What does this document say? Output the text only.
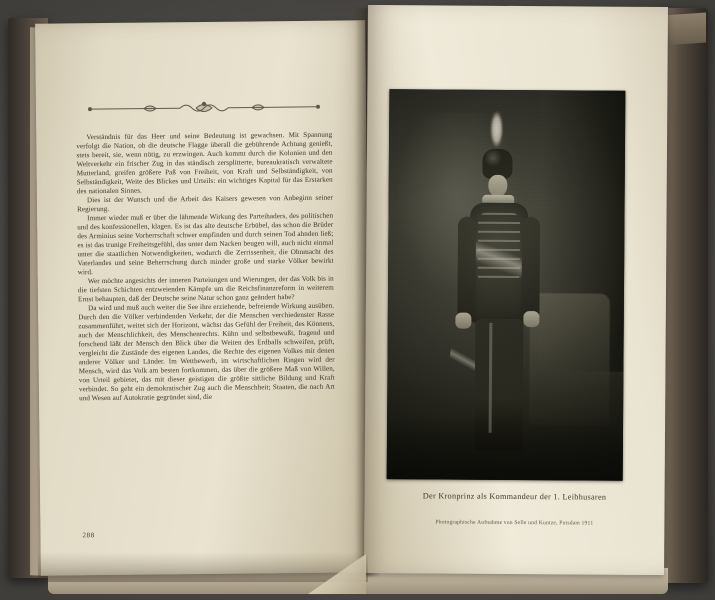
Verständnis für das Heer und seine Bedeutung ist gewachsen. Mit Spannung verfolgt die Nation, ob die deutsche Flagge überall die gebührende Achtung genießt, stets bereit, sie, wenn nötig, zu erzwingen. Auch kommt durch die Kolonien und den Weltverkehr ein frischer Zug in das ständisch zersplitterte, bureaukratisch verwaltete Mutterland, greifen größere Paß von Freiheit, von Kraft und Selbständigkeit, von Selbständigkeit, Weite des Blickes und Urteils: ein wichtiges Kapital für das Erstarken des nationalen Sinnes.

Dies ist der Wunsch und die Arbeit des Kaisers gewesen von Anbeginn seiner Regierung.

Immer wieder muß er über die lähmende Wirkung des Parteihaders, des politischen und des konfessionellen, klagen. Es ist das alte deutsche Erbübel, das schon die Brüder des Arminius seine Vorherrschaft schwer empfinden und durch seinen Tod ahnden ließ; es ist das trunige Freiheitsgefühl, das unter dem Nacken beugen will, auch nicht einmal unter die staatlichen Notwendigkeiten, wodurch die Zerrissenheit, die Ohnmacht des Vaterlandes und seine Beherrschung durch minder große und starke Völker bewirkt wird.

Wer möchte angesichts der inneren Parteiungen und Wierungen, der das Volk bis in die tiefsten Schichten entzweienden Kämpfe um die Reichsfinanzreform in weiterem Ernst behaupten, daß der Deutsche seine Natur schon ganz geändert habe?

Da wird und muß auch weiter die See ihre erziehende, befreiende Wirkung ausüben. Durch den die Völker verbindenden Verkehr, der die Menschen verchiedenster Rasse zusammenführt, weitet sich der Horizont, wächst das Gefühl der Freiheit, des Könnens, auch der Menschlichkeit, des Menschenrechts. Kühn und selbstbewußt, fragend und forschend läßt der Mensch den Blick über die Weiten des Erdballs schweifen, prüft, vergleicht die Zustände des eigenen Landes, die Rechte des eigenen Volkes mit denen anderer Völker und Länder. Im Wettbewerb, im wirtschaftlichen Ringen wird der Mensch, wird das Volk am besten fortkommen, das über die größere Maß von Willen, von Urteil gebietet, das mit dieser geistigen die größte sittliche Bildung und Kraft verbindet. So geht ein demokratischer Zug auch die Menschheit; Staaten, die nach Art und Wesen auf Autokratie gegründet sind, die

288
Der Kronprinz als Kommandeur der 1. Leibhusaren
Photographische Aufnahme von Selle und Kuntze, Potsdam 1911
